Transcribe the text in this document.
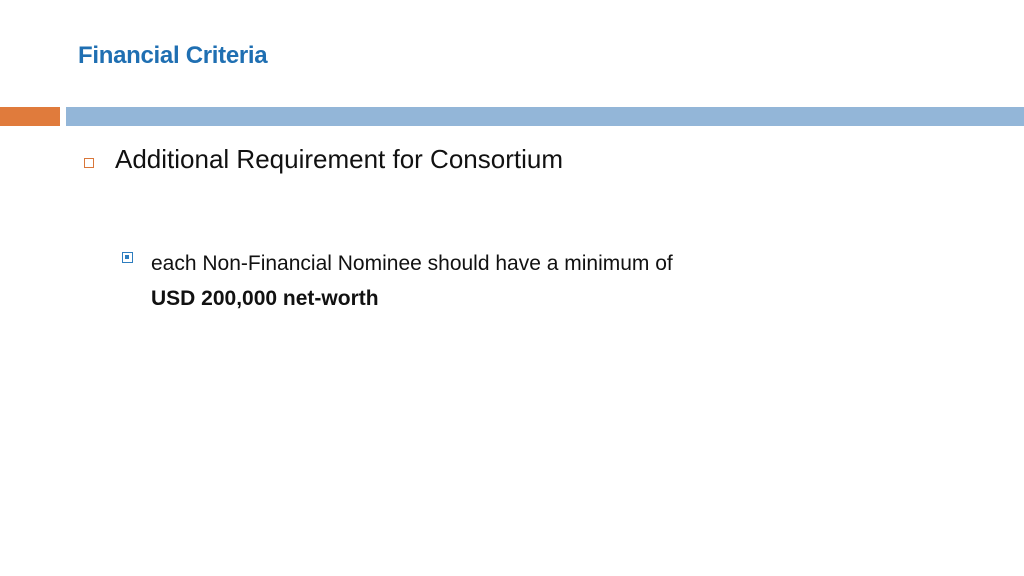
Financial Criteria
Additional Requirement for Consortium
each Non-Financial Nominee should have a minimum of
USD 200,000 net-worth
